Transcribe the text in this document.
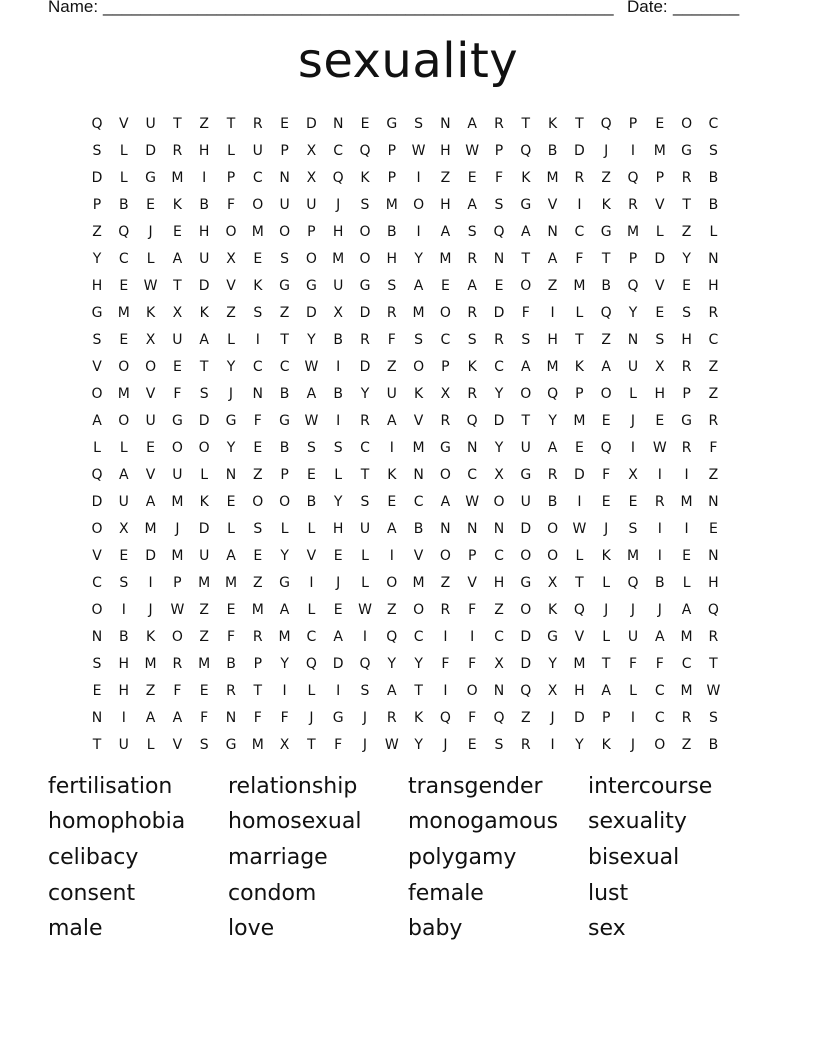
Name: ______________________________________________________ Date: _______
sexuality
Q	V	U	T	Z	T	R	E	D	N	E	G	S	N	A	R	T	K	T	Q	P	E	O	C
S	L	D	R	H	L	U	P	X	C	Q	P	W	H	W	P	Q	B	D	J	I	M	G	S
D	L	G	M	I	P	C	N	X	Q	K	P	I	Z	E	F	K	M	R	Z	Q	P	R	B
P	B	E	K	B	F	O	U	U	J	S	M	O	H	A	S	G	V	I	K	R	V	T	B
Z	Q	J	E	H	O	M	O	P	H	O	B	I	A	S	Q	A	N	C	G	M	L	Z	L
Y	C	L	A	U	X	E	S	O	M	O	H	Y	M	R	N	T	A	F	T	P	D	Y	N
H	E	W	T	D	V	K	G	G	U	G	S	A	E	A	E	O	Z	M	B	Q	V	E	H
G	M	K	X	K	Z	S	Z	D	X	D	R	M	O	R	D	F	I	L	Q	Y	E	S	R
S	E	X	U	A	L	I	T	Y	B	R	F	S	C	S	R	S	H	T	Z	N	S	H	C
V	O	O	E	T	Y	C	C	W	I	D	Z	O	P	K	C	A	M	K	A	U	X	R	Z
O	M	V	F	S	J	N	B	A	B	Y	U	K	X	R	Y	O	Q	P	O	L	H	P	Z
A	O	U	G	D	G	F	G	W	I	R	A	V	R	Q	D	T	Y	M	E	J	E	G	R
L	L	E	O	O	Y	E	B	S	S	C	I	M	G	N	Y	U	A	E	Q	I	W	R	F
Q	A	V	U	L	N	Z	P	E	L	T	K	N	O	C	X	G	R	D	F	X	I	I	Z
D	U	A	M	K	E	O	O	B	Y	S	E	C	A	W	O	U	B	I	E	E	R	M	N
O	X	M	J	D	L	S	L	L	H	U	A	B	N	N	N	D	O	W	J	S	I	I	E
V	E	D	M	U	A	E	Y	V	E	L	I	V	O	P	C	O	O	L	K	M	I	E	N
C	S	I	P	M	M	Z	G	I	J	L	O	M	Z	V	H	G	X	T	L	Q	B	L	H
O	I	J	W	Z	E	M	A	L	E	W	Z	O	R	F	Z	O	K	Q	J	J	J	A	Q
N	B	K	O	Z	F	R	M	C	A	I	Q	C	I	I	C	D	G	V	L	U	A	M	R
S	H	M	R	M	B	P	Y	Q	D	Q	Y	Y	F	F	X	D	Y	M	T	F	F	C	T
E	H	Z	F	E	R	T	I	L	I	S	A	T	I	O	N	Q	X	H	A	L	C	M W
N	I	A	A	F	N	F	F	J	G	J	R	K	Q	F	Q	Z	J	D	P	I	C	R	S
T	U	L	V	S	G	M	X	T	F	J	W	Y	J	E	S	R	I	Y	K	J	O	Z	B
fertilisation	relationship transgender intercourse
homophobia homosexual monogamous sexuality
celibacy	marriage	polygamy	bisexual
consent	condom	female	lust
male	love	baby	sex
